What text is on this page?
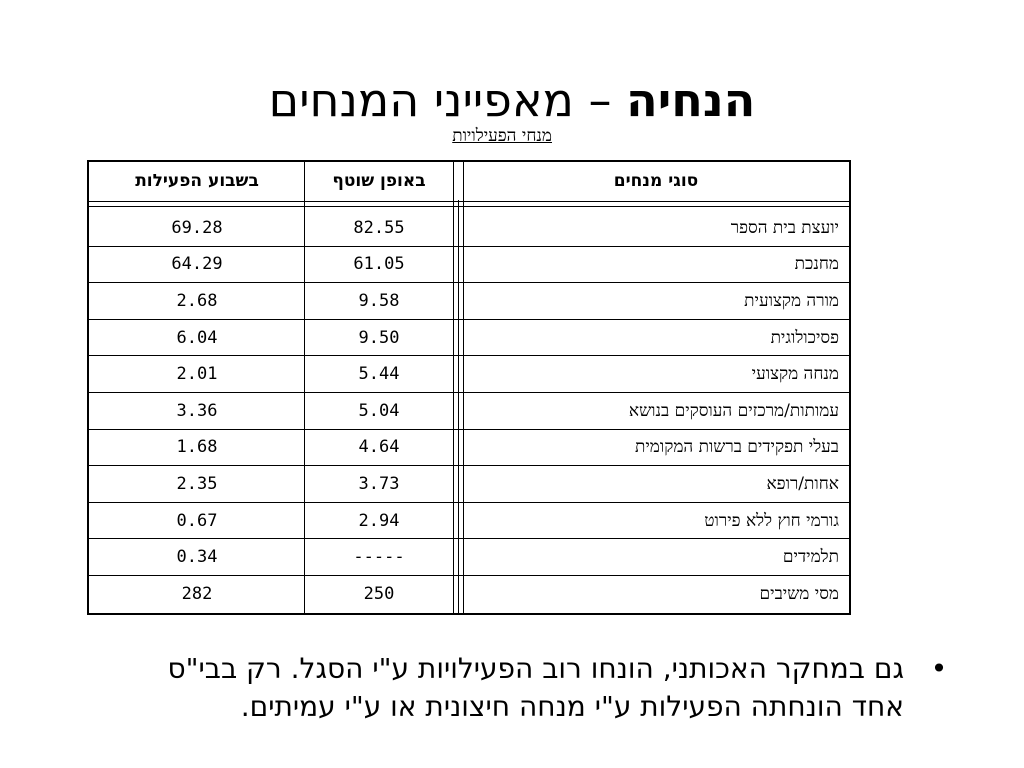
הנחיה – מאפייני המנחים
מנחי הפעילויות
בשבוע הפעילות	באופן שוטף	סוגי מנחים
69.28	82.55	יועצת בית הספר
64.29	61.05	מחנכת
2.68	9.58	מורה מקצועית
6.04	9.50	פסיכולוגית
2.01	5.44	מנחה מקצועי
3.36	5.04	עמותות/מרכזים העוסקים בנושא
1.68	4.64	בעלי תפקידים ברשות המקומית
2.35	3.73	אחות/רופא
0.67	2.94	גורמי חוץ ללא פירוט
0.34	-----	תלמידים
282	250	מסי משיבים
•
גם במחקר האכותני, הונחו רוב הפעילויות ע"י הסגל. רק בבי"ס אחד הונחתה הפעילות ע"י מנחה חיצונית או ע"י עמיתים.
